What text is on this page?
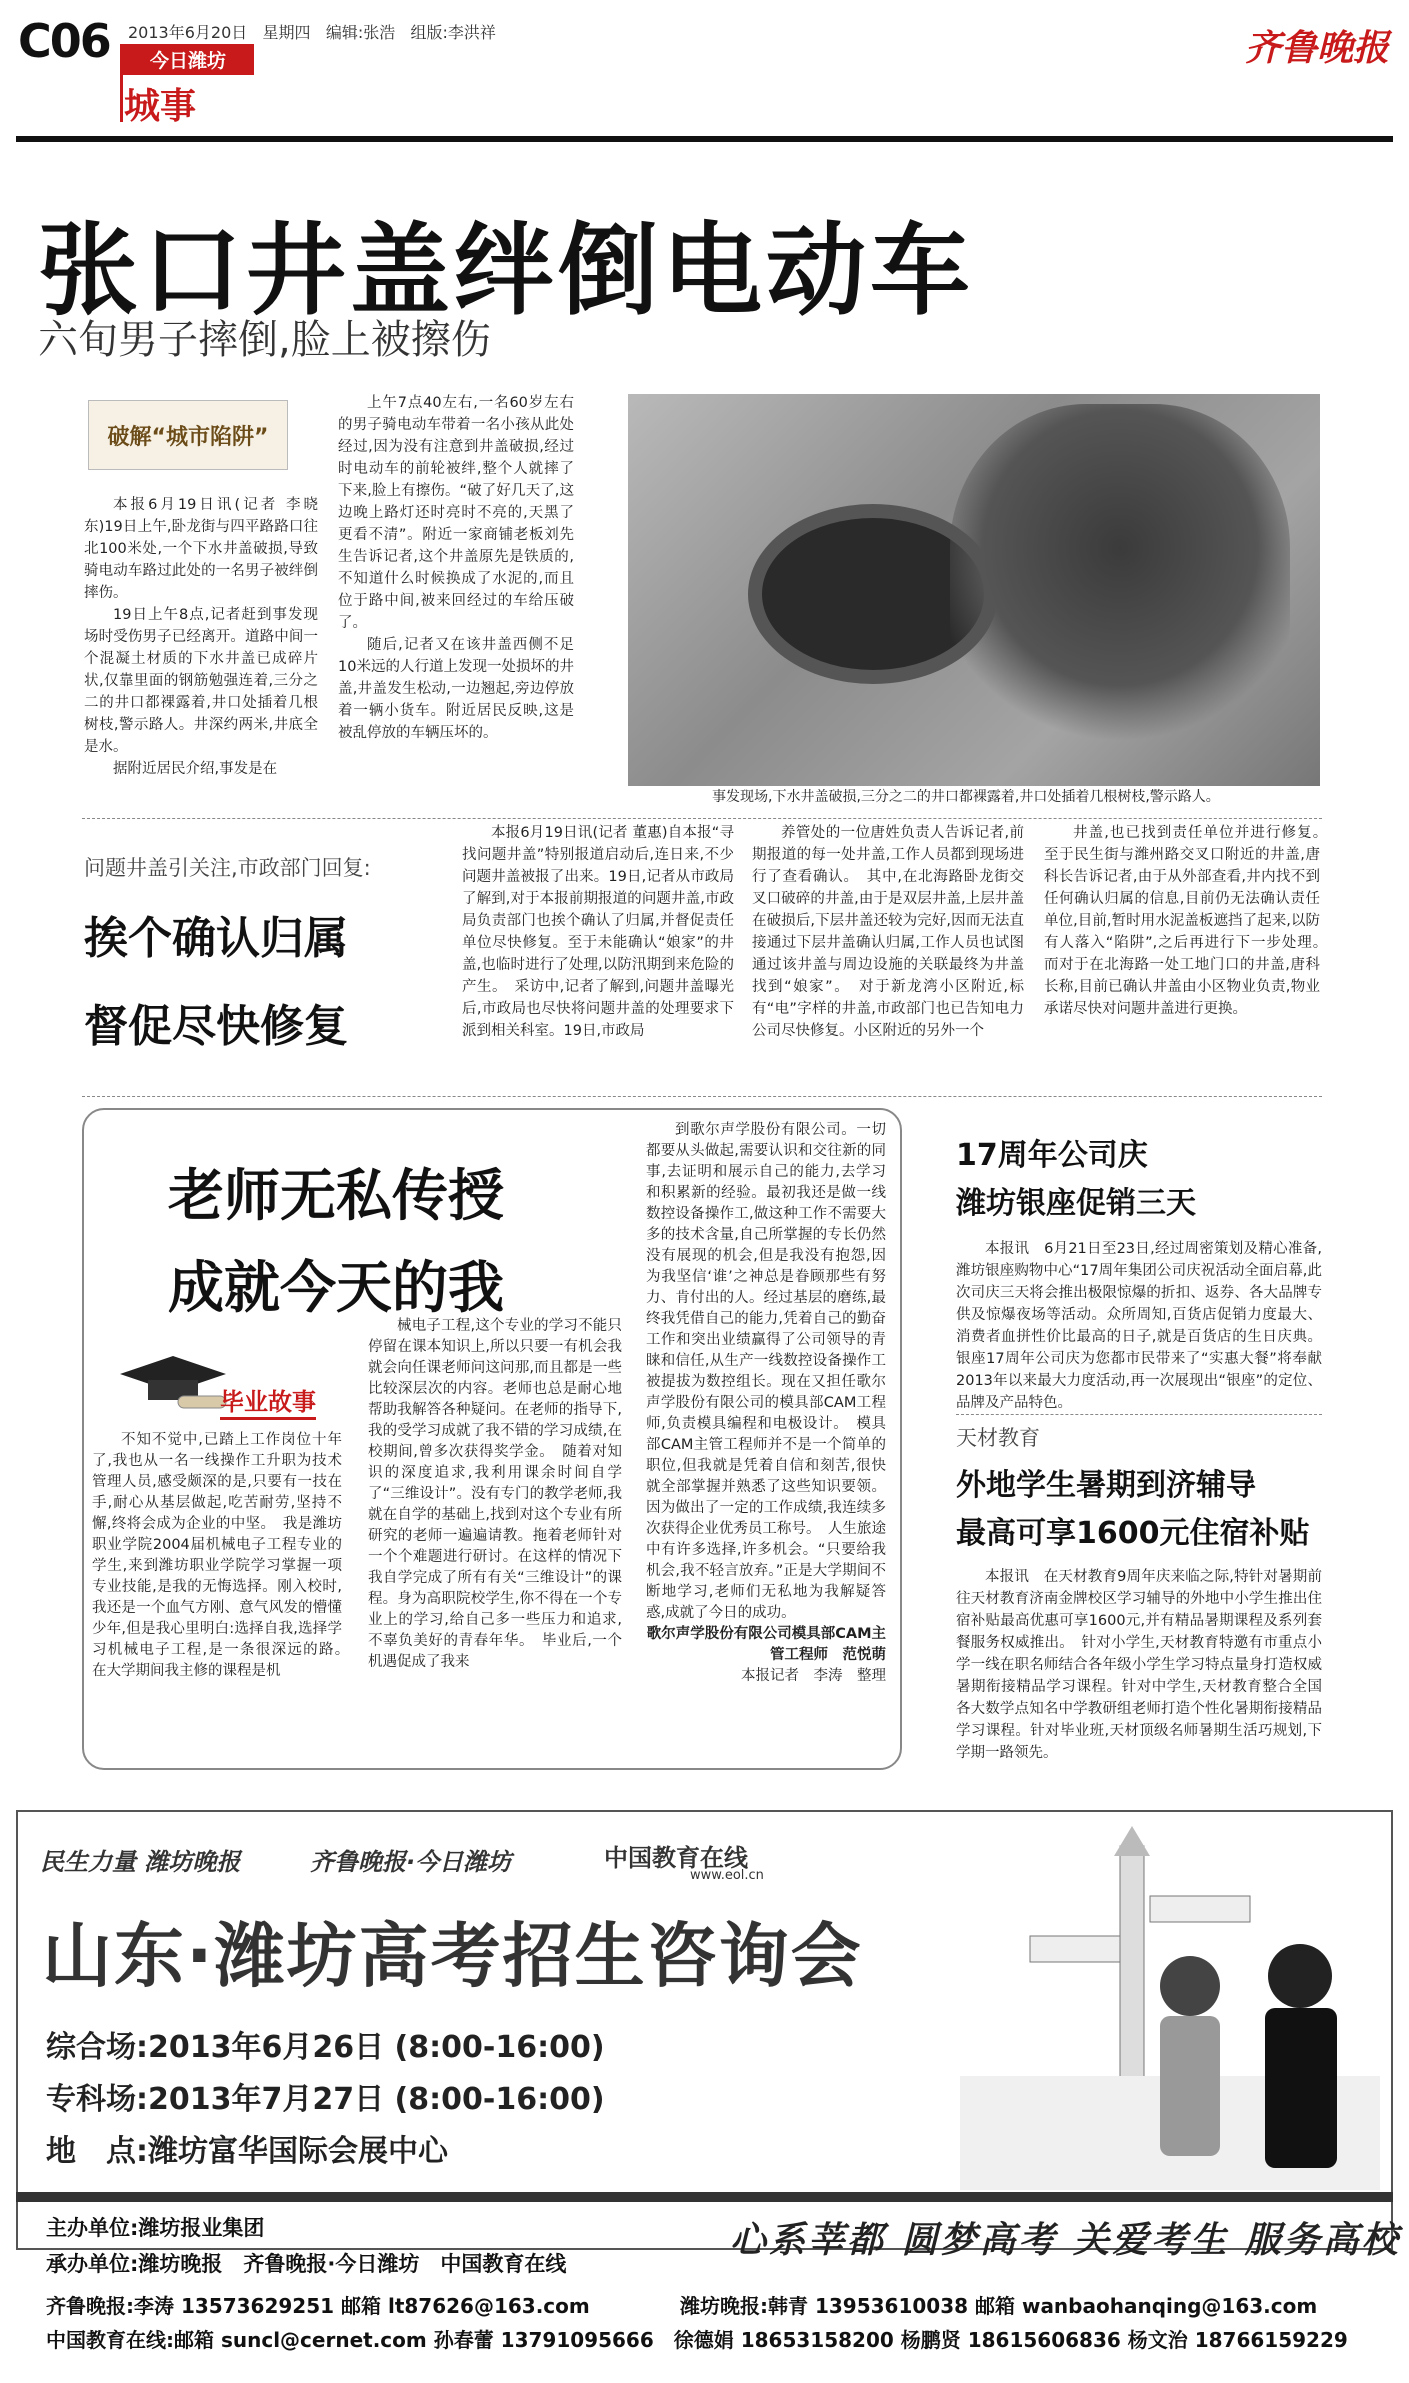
C06 2013年6月20日 星期四 编辑:张浩 组版:李洪祥
今日潍坊
城事
齐鲁晚报
张口井盖绊倒电动车
六旬男子摔倒,脸上被擦伤
破解“城市陷阱”

本报6月19日讯(记者 李晓东)19日上午,卧龙街与四平路路口往北100米处,一个下水井盖破损,导致骑电动车路过此处的一名男子被绊倒摔伤。

19日上午8点,记者赶到事发现场时受伤男子已经离开。道路中间一个混凝土材质的下水井盖已成碎片状,仅靠里面的钢筋勉强连着,三分之二的井口都裸露着,井口处插着几根树枝,警示路人。井深约两米,井底全是水。

据附近居民介绍,事发是在

上午7点40左右,一名60岁左右的男子骑电动车带着一名小孩从此处经过,因为没有注意到井盖破损,经过时电动车的前轮被绊,整个人就摔了下来,脸上有擦伤。“破了好几天了,这边晚上路灯还时亮时不亮的,天黑了更看不清”。附近一家商铺老板刘先生告诉记者,这个井盖原先是铁质的,不知道什么时候换成了水泥的,而且位于路中间,被来回经过的车给压破了。

随后,记者又在该井盖西侧不足10米远的人行道上发现一处损坏的井盖,井盖发生松动,一边翘起,旁边停放着一辆小货车。附近居民反映,这是被乱停放的车辆压坏的。

事发现场,下水井盖破损,三分之二的井口都裸露着,井口处插着几根树枝,警示路人。
问题井盖引关注,市政部门回复:
挨个确认归属
督促尽快修复

本报6月19日讯(记者 董惠)自本报“寻找问题井盖”特别报道启动后,连日来,不少问题井盖被报了出来。19日,记者从市政局了解到,对于本报前期报道的问题井盖,市政局负责部门也挨个确认了归属,并督促责任单位尽快修复。至于未能确认“娘家”的井盖,也临时进行了处理,以防汛期到来危险的产生。　采访中,记者了解到,问题井盖曝光后,市政局也尽快将问题井盖的处理要求下派到相关科室。19日,市政局

养管处的一位唐姓负责人告诉记者,前期报道的每一处井盖,工作人员都到现场进行了查看确认。　其中,在北海路卧龙街交叉口破碎的井盖,由于是双层井盖,上层井盖在破损后,下层井盖还较为完好,因而无法直接通过下层井盖确认归属,工作人员也试图通过该井盖与周边设施的关联最终为井盖找到“娘家”。　对于新龙湾小区附近,标有“电”字样的井盖,市政部门也已告知电力公司尽快修复。小区附近的另外一个

井盖,也已找到责任单位并进行修复。　至于民生街与潍州路交叉口附近的井盖,唐科长告诉记者,由于从外部查看,井内找不到任何确认归属的信息,目前仍无法确认责任单位,目前,暂时用水泥盖板遮挡了起来,以防有人落入“陷阱”,之后再进行下一步处理。　而对于在北海路一处工地门口的井盖,唐科长称,目前已确认井盖由小区物业负责,物业承诺尽快对问题井盖进行更换。

老师无私传授
成就今天的我
毕业故事

不知不觉中,已踏上工作岗位十年了,我也从一名一线操作工升职为技术管理人员,感受颇深的是,只要有一技在手,耐心从基层做起,吃苦耐劳,坚持不懈,终将会成为企业的中坚。　我是潍坊职业学院2004届机械电子工程专业的学生,来到潍坊职业学院学习掌握一项专业技能,是我的无悔选择。刚入校时,我还是一个血气方刚、意气风发的懵懂少年,但是我心里明白:选择自我,选择学习机械电子工程,是一条很深远的路。　在大学期间我主修的课程是机

械电子工程,这个专业的学习不能只停留在课本知识上,所以只要一有机会我就会向任课老师问这问那,而且都是一些比较深层次的内容。老师也总是耐心地帮助我解答各种疑问。在老师的指导下,我的受学习成就了我不错的学习成绩,在校期间,曾多次获得奖学金。　随着对知识的深度追求,我利用课余时间自学了“三维设计”。没有专门的教学老师,我就在自学的基础上,找到对这个专业有所研究的老师一遍遍请教。拖着老师针对一个个难题进行研讨。在这样的情况下我自学完成了所有有关“三维设计”的课程。身为高职院校学生,你不得在一个专业上的学习,给自己多一些压力和追求,不辜负美好的青春年华。　毕业后,一个机遇促成了我来

到歌尔声学股份有限公司。一切都要从头做起,需要认识和交往新的同事,去证明和展示自己的能力,去学习和积累新的经验。最初我还是做一线数控设备操作工,做这种工作不需要大多的技术含量,自己所掌握的专长仍然没有展现的机会,但是我没有抱怨,因为我坚信‘谁’之神总是眷顾那些有努力、肯付出的人。经过基层的磨练,最终我凭借自己的能力,凭着自己的勤奋工作和突出业绩赢得了公司领导的青睐和信任,从生产一线数控设备操作工被提拔为数控组长。现在又担任歌尔声学股份有限公司的模具部CAM工程师,负责模具编程和电极设计。　模具部CAM主管工程师并不是一个简单的职位,但我就是凭着自信和刻苦,很快就全部掌握并熟悉了这些知识要领。因为做出了一定的工作成绩,我连续多次获得企业优秀员工称号。　人生旅途中有许多选择,许多机会。“只要给我机会,我不轻言放弃。”正是大学期间不断地学习,老师们无私地为我解疑答惑,成就了今日的成功。

歌尔声学股份有限公司模具部CAM主管工程师　范悦萌
本报记者　李涛　整理
17周年公司庆
潍坊银座促销三天

本报讯　6月21日至23日,经过周密策划及精心准备,潍坊银座购物中心“17周年集团公司庆祝活动全面启幕,此次司庆三天将会推出极限惊爆的折扣、返券、各大品牌专供及惊爆夜场等活动。众所周知,百货店促销力度最大、消费者血拼性价比最高的日子,就是百货店的生日庆典。银座17周年公司庆为您都市民带来了“实惠大餐”将奉献2013年以来最大力度活动,再一次展现出“银座”的定位、品牌及产品特色。

天材教育
外地学生暑期到济辅导
最高可享1600元住宿补贴

本报讯　在天材教育9周年庆来临之际,特针对暑期前往天材教育济南金牌校区学习辅导的外地中小学生推出住宿补贴最高优惠可享1600元,并有精品暑期课程及系列套餐服务权威推出。　针对小学生,天材教育特邀有市重点小学一线在职名师结合各年级小学生学习特点量身打造权威暑期衔接精品学习课程。针对中学生,天材教育整合全国各大数学点知名中学教研组老师打造个性化暑期衔接精品学习课程。针对毕业班,天材顶级名师暑期生活巧规划,下学期一路领先。

民生力量 潍坊晚报	齐鲁晚报·今日潍坊	中国教育在线
www.eol.cn
山东·潍坊高考招生咨询会
综合场:2013年6月26日 (8:00-16:00)
专科场:2013年7月27日 (8:00-16:00)
地　点:潍坊富华国际会展中心
主办单位:潍坊报业集团
承办单位:潍坊晚报　齐鲁晚报·今日潍坊　中国教育在线
心系莘都 圆梦高考 关爱考生 服务高校
齐鲁晚报:李涛 13573629251 邮箱 lt87626@163.com	潍坊晚报:韩青 13953610038 邮箱 wanbaohanqing@163.com
中国教育在线:邮箱 suncl@cernet.com 孙春蕾 13791095666　徐德娟 18653158200 杨鹏贤 18615606836 杨文治 18766159229
